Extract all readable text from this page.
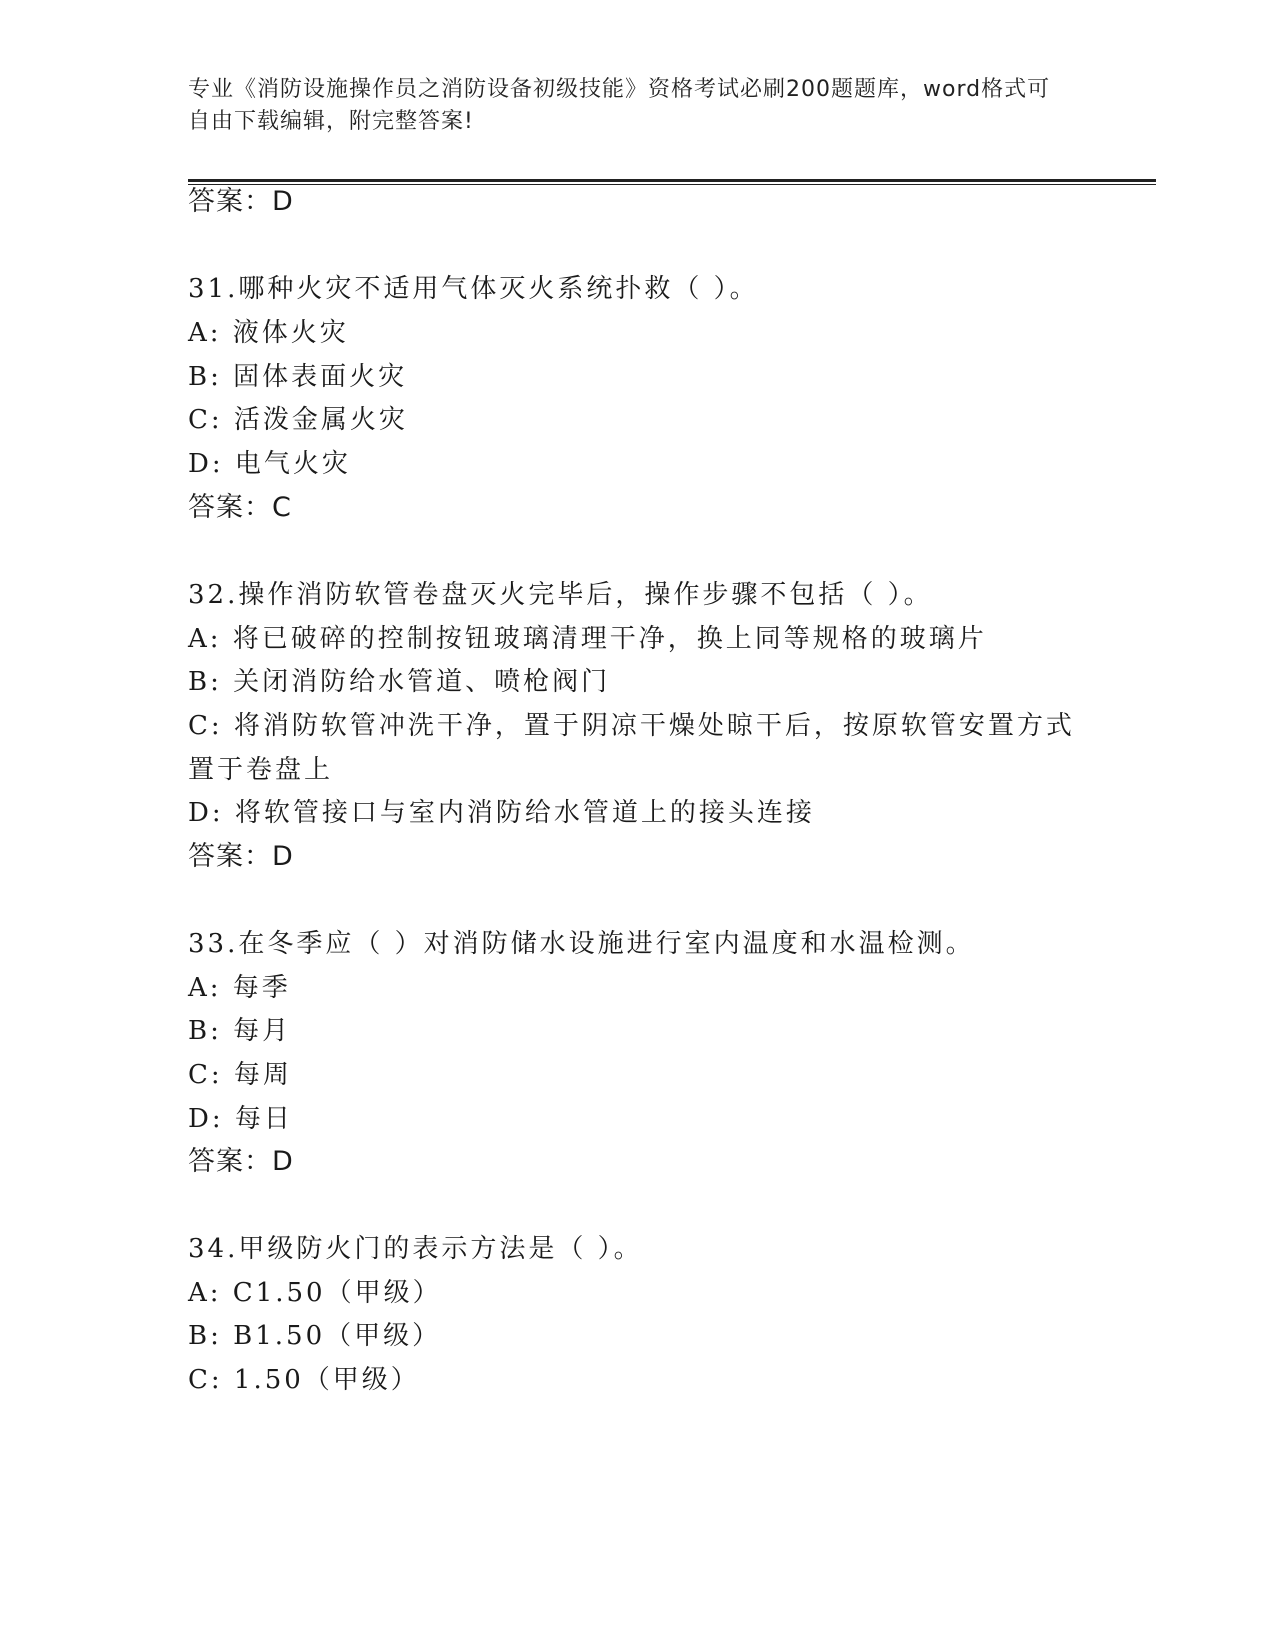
专业《消防设施操作员之消防设备初级技能》资格考试必刷200题题库，word格式可自由下载编辑，附完整答案!
答案：D
31.哪种火灾不适用气体灭火系统扑救（ ）。
A: 液体火灾
B: 固体表面火灾
C: 活泼金属火灾
D: 电气火灾
答案：C
32.操作消防软管卷盘灭火完毕后，操作步骤不包括（ ）。
A: 将已破碎的控制按钮玻璃清理干净，换上同等规格的玻璃片
B: 关闭消防给水管道、喷枪阀门
C: 将消防软管冲洗干净，置于阴凉干燥处晾干后，按原软管安置方式
置于卷盘上
D: 将软管接口与室内消防给水管道上的接头连接
答案：D
33.在冬季应（ ）对消防储水设施进行室内温度和水温检测。
A: 每季
B: 每月
C: 每周
D: 每日
答案：D
34.甲级防火门的表示方法是（ ）。
A: C1.50（甲级）
B: B1.50（甲级）
C: 1.50（甲级）
